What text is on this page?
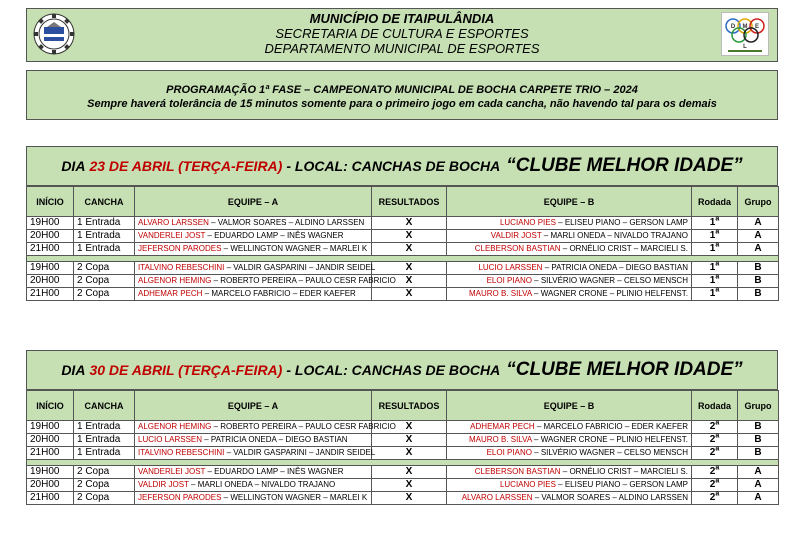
MUNICÍPIO DE ITAIPULÂNDIA
SECRETARIA DE CULTURA E ESPORTES
DEPARTAMENTO MUNICIPAL DE ESPORTES
D M E
L
PROGRAMAÇÃO 1ª FASE – CAMPEONATO MUNICIPAL DE BOCHA CARPETE TRIO – 2024
Sempre haverá tolerância de 15 minutos somente para o primeiro jogo em cada cancha, não havendo tal para os demais
DIA 23 DE ABRIL (TERÇA-FEIRA) - LOCAL: CANCHAS DE BOCHA “CLUBE MELHOR IDADE”
INÍCIO	CANCHA	EQUIPE – A	RESULTADOS	EQUIPE – B	Rodada	Grupo
19H00	1 Entrada	ALVARO LARSSEN – VALMOR SOARES – ALDINO LARSSEN	X	LUCIANO PIES – ELISEU PIANO – GERSON LAMP	1$^a$	A
20H00	1 Entrada	VANDERLEI JOST – EDUARDO LAMP – INÊS WAGNER	X	VALDIR JOST – MARLI ONEDA – NIVALDO TRAJANO	1$^a$	A
21H00	1 Entrada	JEFERSON PARODES – WELLINGTON WAGNER – MARLEI K	X	CLEBERSON BASTIAN – ORNÉLIO CRIST – MARCIELI S.	1$^a$	A

19H00	2 Copa	ITALVINO REBESCHINI – VALDIR GASPARINI – JANDIR SEIDEL	X	LUCIO LARSSEN – PATRICIA ONEDA – DIEGO BASTIAN	1$^a$	B
20H00	2 Copa	ALGENOR HEMING – ROBERTO PEREIRA – PAULO CESR FABRICIO	X	ELOI PIANO – SILVÉRIO WAGNER – CELSO MENSCH	1$^a$	B
21H00	2 Copa	ADHEMAR PECH – MARCELO FABRICIO – EDER KAEFER	X	MAURO B. SILVA – WAGNER CRONE – PLINIO HELFENST.	1$^a$	B
DIA 30 DE ABRIL (TERÇA-FEIRA) - LOCAL: CANCHAS DE BOCHA “CLUBE MELHOR IDADE”
INÍCIO	CANCHA	EQUIPE – A	RESULTADOS	EQUIPE – B	Rodada	Grupo
19H00	1 Entrada	ALGENOR HEMING – ROBERTO PEREIRA – PAULO CESR FABRICIO	X	ADHEMAR PECH – MARCELO FABRICIO – EDER KAEFER	2$^a$	B
20H00	1 Entrada	LUCIO LARSSEN – PATRICIA ONEDA – DIEGO BASTIAN	X	MAURO B. SILVA – WAGNER CRONE – PLINIO HELFENST.	2$^a$	B
21H00	1 Entrada	ITALVINO REBESCHINI – VALDIR GASPARINI – JANDIR SEIDEL	X	ELOI PIANO – SILVÉRIO WAGNER – CELSO MENSCH	2$^a$	B

19H00	2 Copa	VANDERLEI JOST – EDUARDO LAMP – INÊS WAGNER	X	CLEBERSON BASTIAN – ORNÉLIO CRIST – MARCIELI S.	2$^a$	A
20H00	2 Copa	VALDIR JOST – MARLI ONEDA – NIVALDO TRAJANO	X	LUCIANO PIES – ELISEU PIANO – GERSON LAMP	2$^a$	A
21H00	2 Copa	JEFERSON PARODES – WELLINGTON WAGNER – MARLEI K	X	ALVARO LARSSEN – VALMOR SOARES – ALDINO LARSSEN	2$^a$	A
